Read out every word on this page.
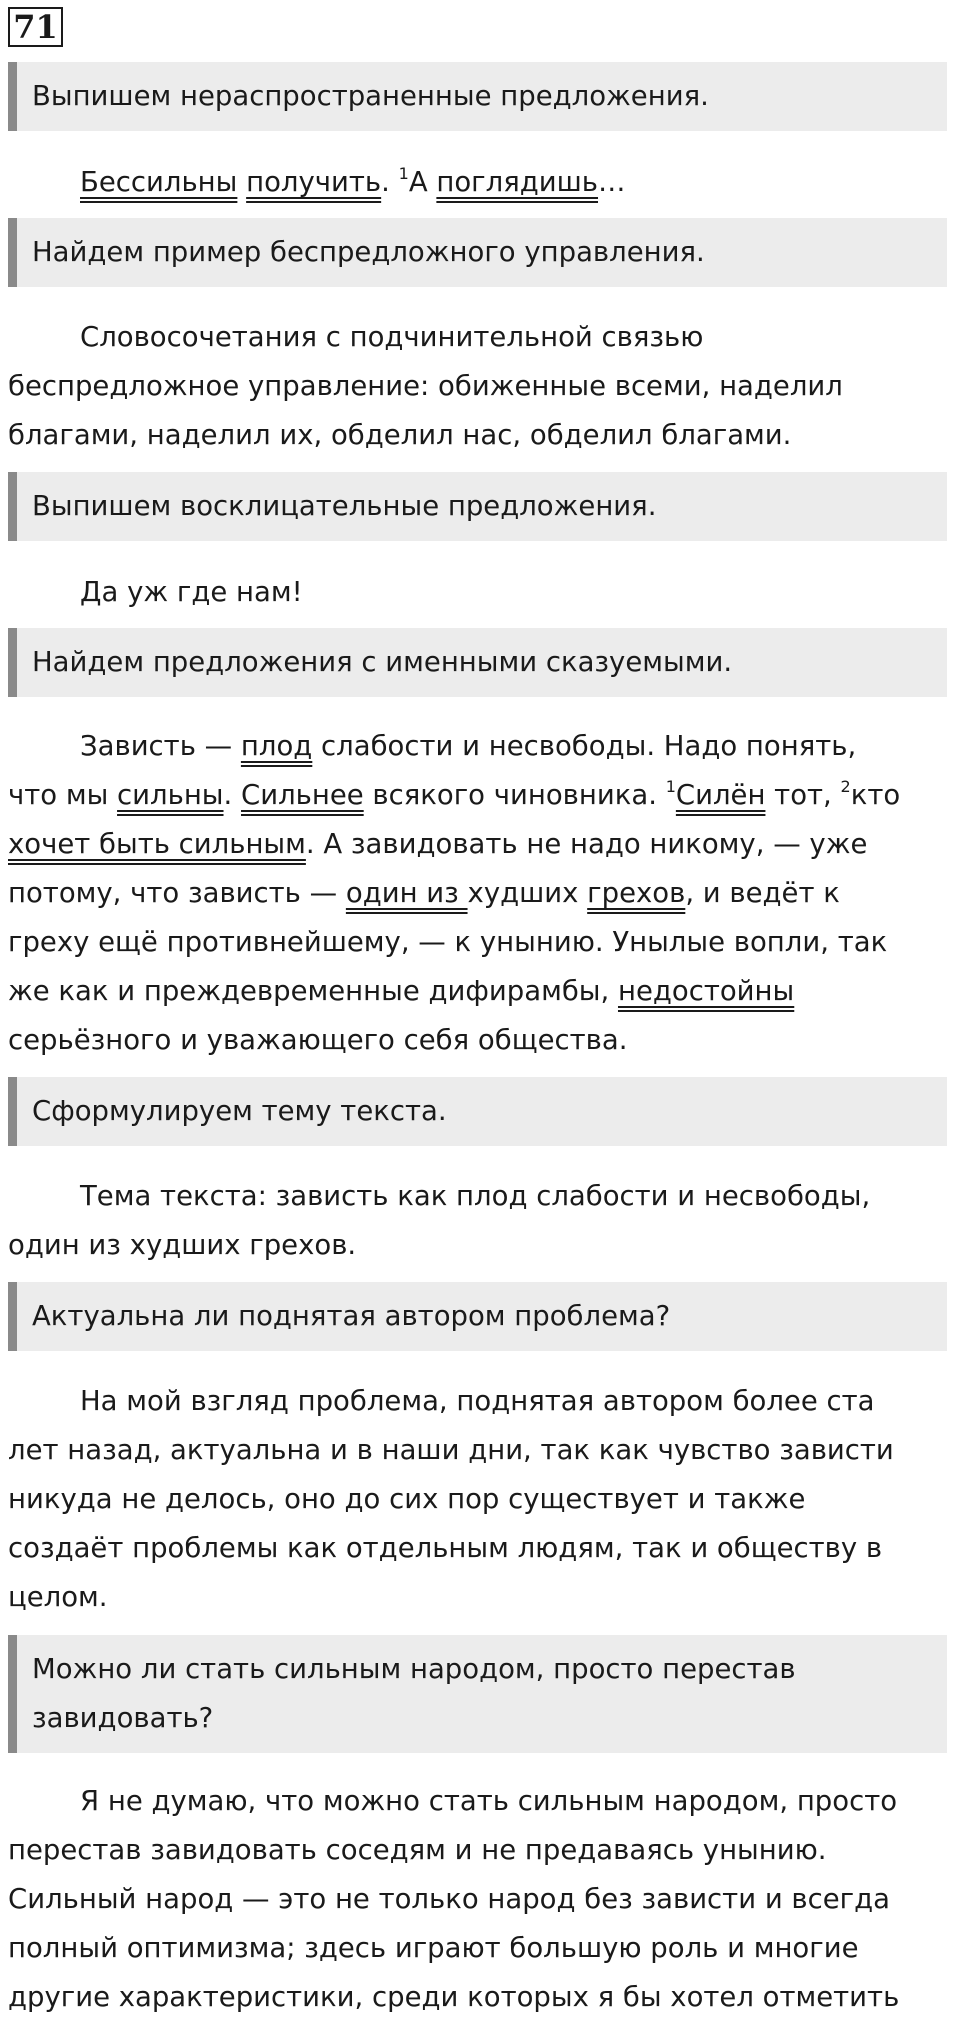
71
Выпишем нераспространенные предложения.
Бессильны получить. $^1$А поглядишь…
Найдем пример беспредложного управления.
Словосочетания с подчинительной связью
беспредложное управление: обиженные всеми, наделил
благами, наделил их, обделил нас, обделил благами.
Выпишем восклицательные предложения.
Да уж где нам!
Найдем предложения с именными сказуемыми.
Зависть — плод слабости и несвободы. Надо понять,
что мы сильны. Сильнее всякого чиновника. $^1$Силён тот, $^2$кто
хочет быть сильным. А завидовать не надо никому, — уже
потому, что зависть — один из худших грехов, и ведёт к
греху ещё противнейшему, — к унынию. Унылые вопли, так
же как и преждевременные дифирамбы, недостойны
серьёзного и уважающего себя общества.
Сформулируем тему текста.
Тема текста: зависть как плод слабости и несвободы,
один из худших грехов.
Актуальна ли поднятая автором проблема?
На мой взгляд проблема, поднятая автором более ста
лет назад, актуальна и в наши дни, так как чувство зависти
никуда не делось, оно до сих пор существует и также
создаёт проблемы как отдельным людям, так и обществу в
целом.
Можно ли стать сильным народом, просто перестав
завидовать?
Я не думаю, что можно стать сильным народом, просто
перестав завидовать соседям и не предаваясь унынию.
Сильный народ — это не только народ без зависти и всегда
полный оптимизма; здесь играют большую роль и многие
другие характеристики, среди которых я бы хотел отметить
